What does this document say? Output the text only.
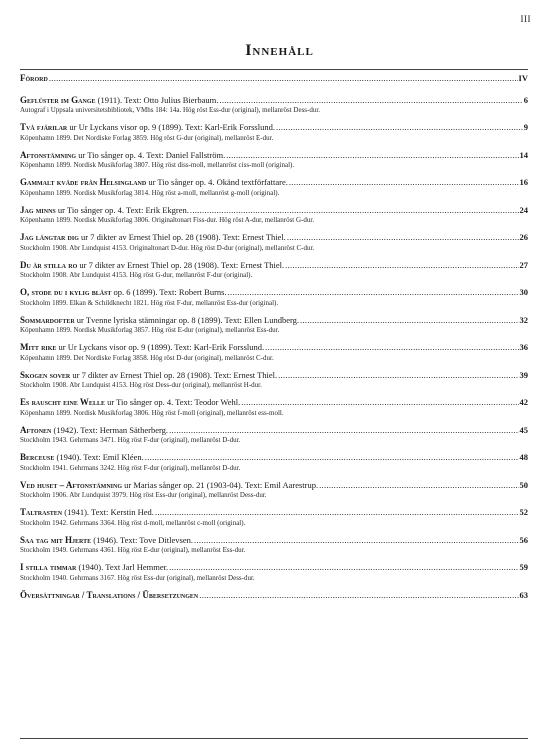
III
Innehåll
Förord .....	IV
Geflüster im Gange (1911). Text: Otto Julius Bierbaum. .....	6
Autograf i Uppsala universitetsbibliotek, VMhs 184: 14a. Hög röst Ess-dur (original), mellanröst Dess-dur.
Två fjärilar ur Ur Lyckans visor op. 9 (1899). Text: Karl-Erik Forsslund. .....	9
Köpenhamn 1899. Det Nordiske Forlag 3859. Hög röst G-dur (original), mellanröst E-dur.
Aftonstämning ur Tio sånger op. 4. Text: Daniel Fallström. .....	14
Köpenhamn 1899. Nordisk Musikforlag 3807. Hög röst diss-moll, mellanröst ciss-moll (original).
Gammalt kväde från Helsingland ur Tio sånger op. 4. Okänd textförfattare. .....	16
Köpenhamn 1899. Nordisk Musikforlag 3814. Hög röst a-moll, mellanröst g-moll (original).
Jag minns ur Tio sånger op. 4. Text: Erik Ekgren. .....	24
Köpenhamn 1899. Nordisk Musikforlag 3806. Originaltonart Fiss-dur. Hög röst A-dur, mellanröst G-dur.
Jag längtar dig ur 7 dikter av Ernest Thiel op. 28 (1908). Text: Ernest Thiel. .....	26
Stockholm 1908. Abr Lundquist 4153. Originaltonart D-dur. Hög röst D-dur (original), mellanröst C-dur.
Du är stilla ro ur 7 dikter av Ernest Thiel op. 28 (1908). Text: Ernest Thiel. .....	27
Stockholm 1908. Abr Lundquist 4153. Hög röst G-dur, mellanröst F-dur (original).
O, stode du i kylig blåst op. 6 (1899). Text: Robert Burns. .....	30
Stockholm 1899. Elkan & Schildknecht 1821. Hög röst F-dur, mellanröst Ess-dur (original).
Sommardofter ur Tvenne lyriska stämningar op. 8 (1899). Text: Ellen Lundberg. .....	32
Köpenhamn 1899. Nordisk Musikforlag 3857. Hög röst E-dur (original), mellanröst Ess-dur.
Mitt rike ur Ur Lyckans visor op. 9 (1899). Text: Karl-Erik Forsslund. .....	36
Köpenhamn 1899. Det Nordiske Forlag 3858. Hög röst D-dur (original), mellanröst C-dur.
Skogen sover ur 7 dikter av Ernest Thiel op. 28 (1908). Text: Ernest Thiel. .....	39
Stockholm 1908. Abr Lundquist 4153. Hög röst Dess-dur (original), mellanröst H-dur.
Es rauscht eine Welle ur Tio sånger op. 4. Text: Teodor Wehl. .....	42
Köpenhamn 1899. Nordisk Musikforlag 3806. Hög röst f-moll (original), mellanröst ess-moll.
Aftonen (1942). Text: Herman Sätherberg. .....	45
Stockholm 1943. Gehrmans 3471. Hög röst F-dur (original), mellanröst D-dur.
Berceuse (1940). Text: Emil Kléen. .....	48
Stockholm 1941. Gehrmans 3242. Hög röst F-dur (original), mellanröst D-dur.
Ved huset – Aftonstämning ur Marias sånger op. 21 (1903-04). Text: Emil Aarestrup. .....	50
Stockholm 1906. Abr Lundquist 3979. Hög röst Ess-dur (original), mellanröst Dess-dur.
Taltrasten (1941). Text: Kerstin Hed. .....	52
Stockholm 1942. Gehrmans 3364. Hög röst d-moll, mellanröst c-moll (original).
Saa tag mit Hjerte (1946). Text: Tove Ditlevsen. .....	56
Stockholm 1949. Gehrmans 4361. Hög röst E-dur (original), mellanröst Ess-dur.
I stilla timmar (1940). Text Jarl Hemmer. .....	59
Stockholm 1940. Gehrmans 3167. Hög röst Ess-dur (original), mellanröst Dess-dur.
Översättningar / Translations / Übersetzungen .....	63
